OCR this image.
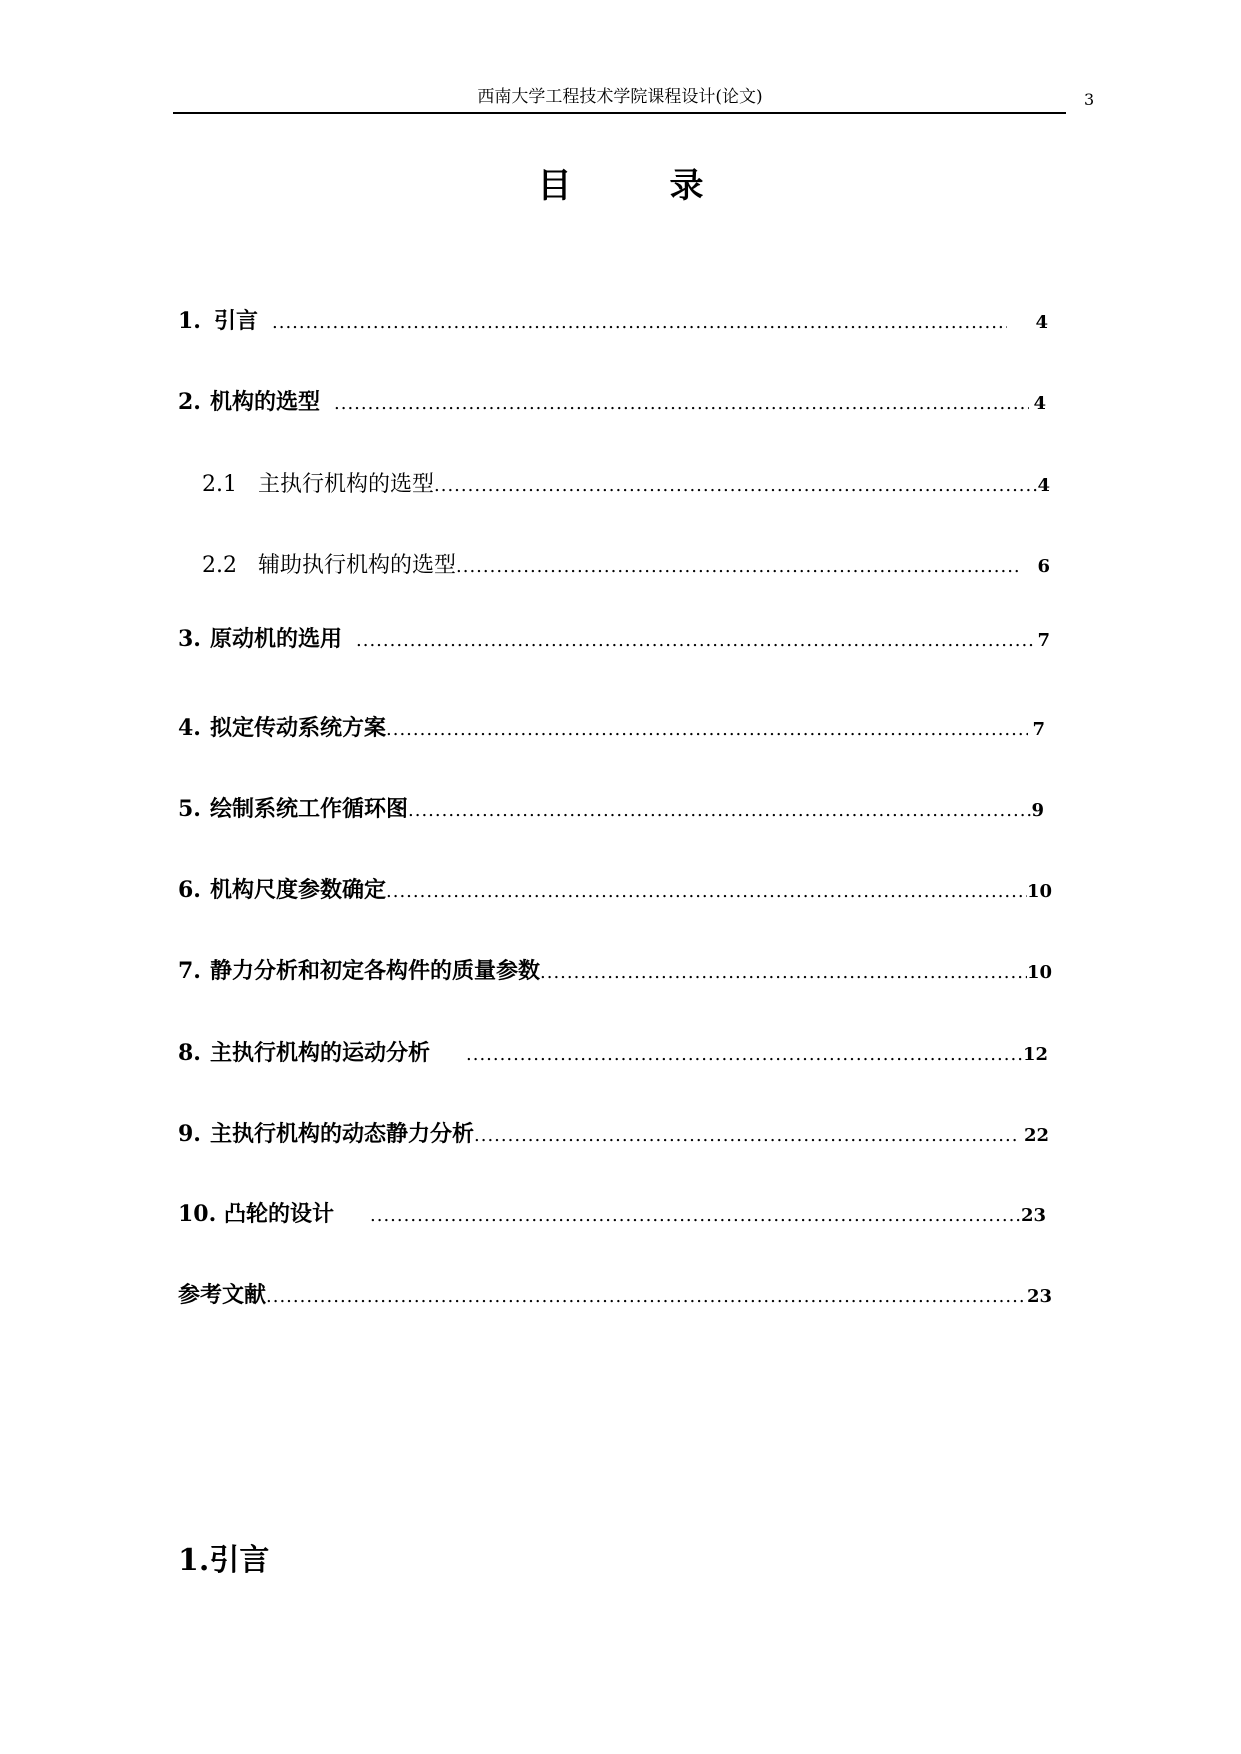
西南大学工程技术学院课程设计(论文)	3
目录
1. 引言 .....	4
2. 机构的选型 .....	4
2.1 主执行机构的选型 .....	4
2.2 辅助执行机构的选型 .....	6
3. 原动机的选用 .....	7
4. 拟定传动系统方案 .....	7
5. 绘制系统工作循环图 .....	9
6. 机构尺度参数确定 .....	10
7. 静力分析和初定各构件的质量参数 .....	10
8. 主执行机构的运动分析 .....	12
9. 主执行机构的动态静力分析 .....	22
10. 凸轮的设计 .....	23
参考文献 .....	23
1.引言
